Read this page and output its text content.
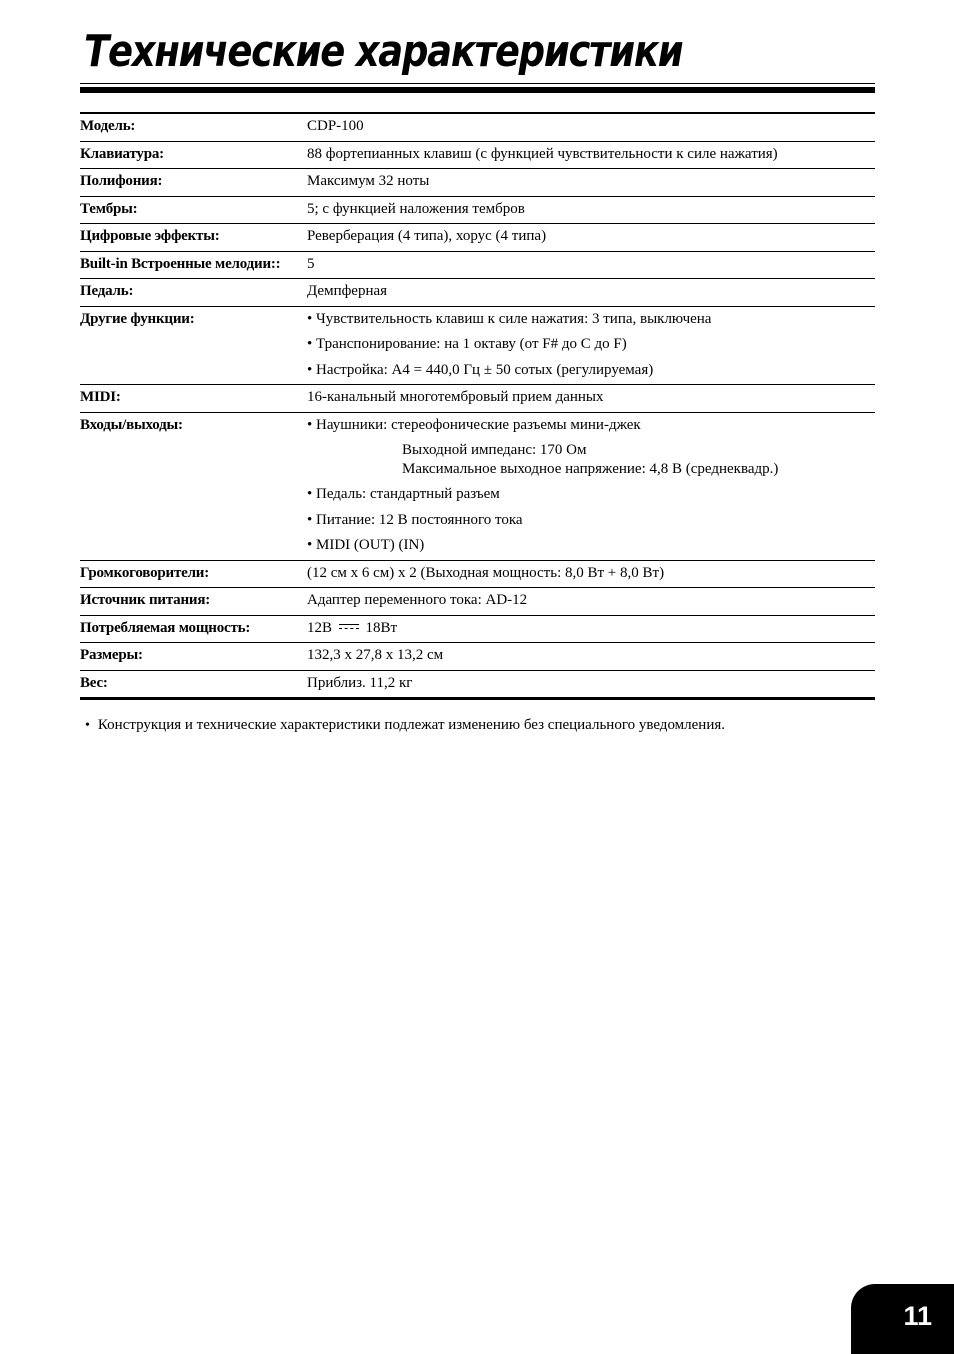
Технические характеристики
Модель:	CDP-100

Клавиатура:	88 фортепианных клавиш (с функцией чувствительности к силе нажатия)

Полифония:	Максимум 32 ноты

Тембры:	5; с функцией наложения тембров

Цифровые эффекты:	Реверберация (4 типа), хорус (4 типа)

Built-in Встроенные мелодии::	5

Педаль:	Демпферная

Другие функции:	• Чувствительность клавиш к силе нажатия: 3 типа, выключена
• Транспонирование: на 1 октаву (от F# до C до F)
• Настройка: A4 = 440,0 Гц ± 50 сотых (регулируемая)

MIDI:	16-канальный многотембровый прием данных

Входы/выходы:	• Наушники: стереофонические разъемы мини-джек
Выходной импеданс: 170 Ом
Максимальное выходное напряжение: 4,8 В (среднеквадр.)
• Педаль: стандартный разъем
• Питание: 12 В постоянного тока
• MIDI (OUT) (IN)

Громкоговорители:	(12 см x 6 см) x 2 (Выходная мощность: 8,0 Вт + 8,0 Вт)

Источник питания:	Адаптер переменного тока: AD-12

Потребляемая мощность:	12В  18Вт

Размеры:	132,3 x 27,8 x 13,2 см

Вес:	Приблиз. 11,2 кг
• Конструкция и технические характеристики подлежат изменению без специального уведомления.
11
